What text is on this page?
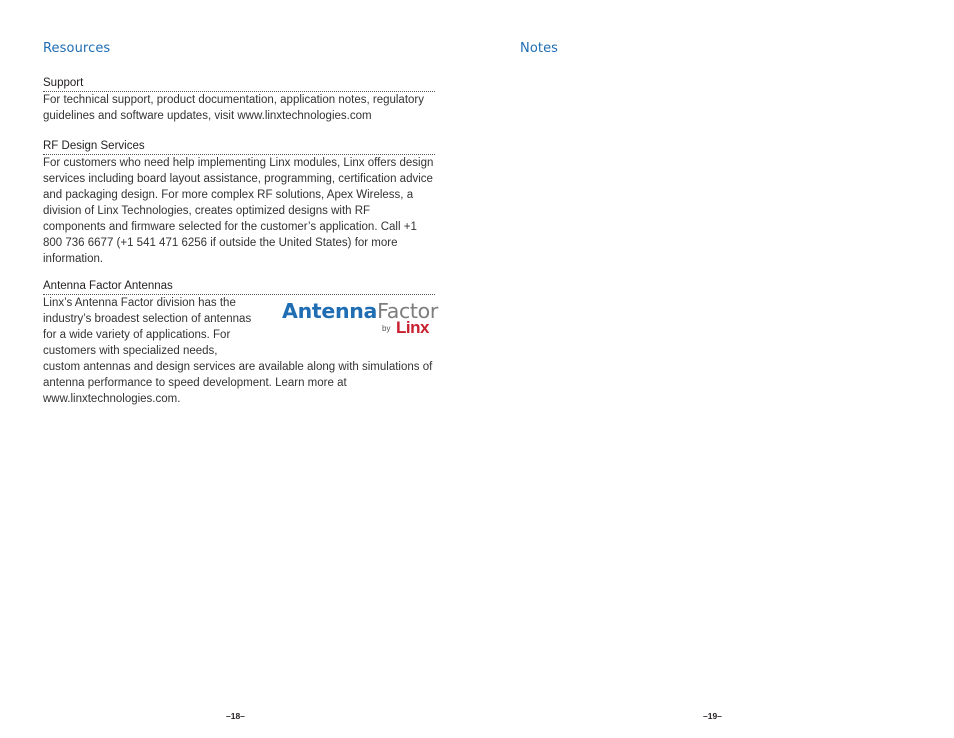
Resources

Support

For technical support, product documentation, application notes, regulatory guidelines and software updates, visit www.linxtechnologies.com

RF Design Services

For customers who need help implementing Linx modules, Linx offers design services including board layout assistance, programming, certification advice and packaging design. For more complex RF solutions, Apex Wireless, a division of Linx Technologies, creates optimized designs with RF components and firmware selected for the customer’s application. Call +1 800 736 6677 (+1 541 471 6256 if outside the United States) for more information.

Antenna Factor Antennas

Linx’s Antenna Factor division has the industry’s broadest selection of antennas for a wide variety of applications. For customers with specialized needs,

custom antennas and design services are available along with simulations of antenna performance to speed development. Learn more at www.linxtechnologies.com.

AntennaFactor
by Linx
–18–
Notes
–19–
